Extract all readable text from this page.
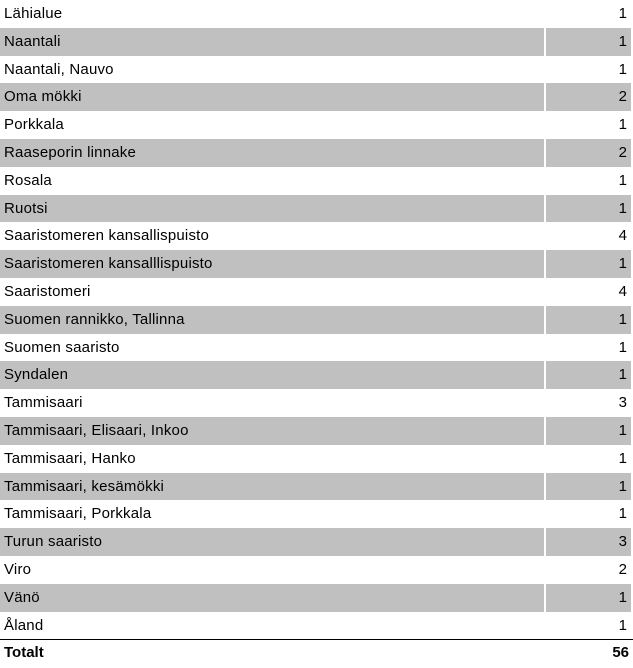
Lähialue	1
Naantali	1
Naantali, Nauvo	1
Oma mökki	2
Porkkala	1
Raaseporin linnake	2
Rosala	1
Ruotsi	1
Saaristomeren kansallispuisto	4
Saaristomeren kansalllispuisto	1
Saaristomeri	4
Suomen rannikko, Tallinna	1
Suomen saaristo	1
Syndalen	1
Tammisaari	3
Tammisaari, Elisaari, Inkoo	1
Tammisaari, Hanko	1
Tammisaari, kesämökki	1
Tammisaari, Porkkala	1
Turun saaristo	3
Viro	2
Vänö	1
Åland	1
Totalt	56
